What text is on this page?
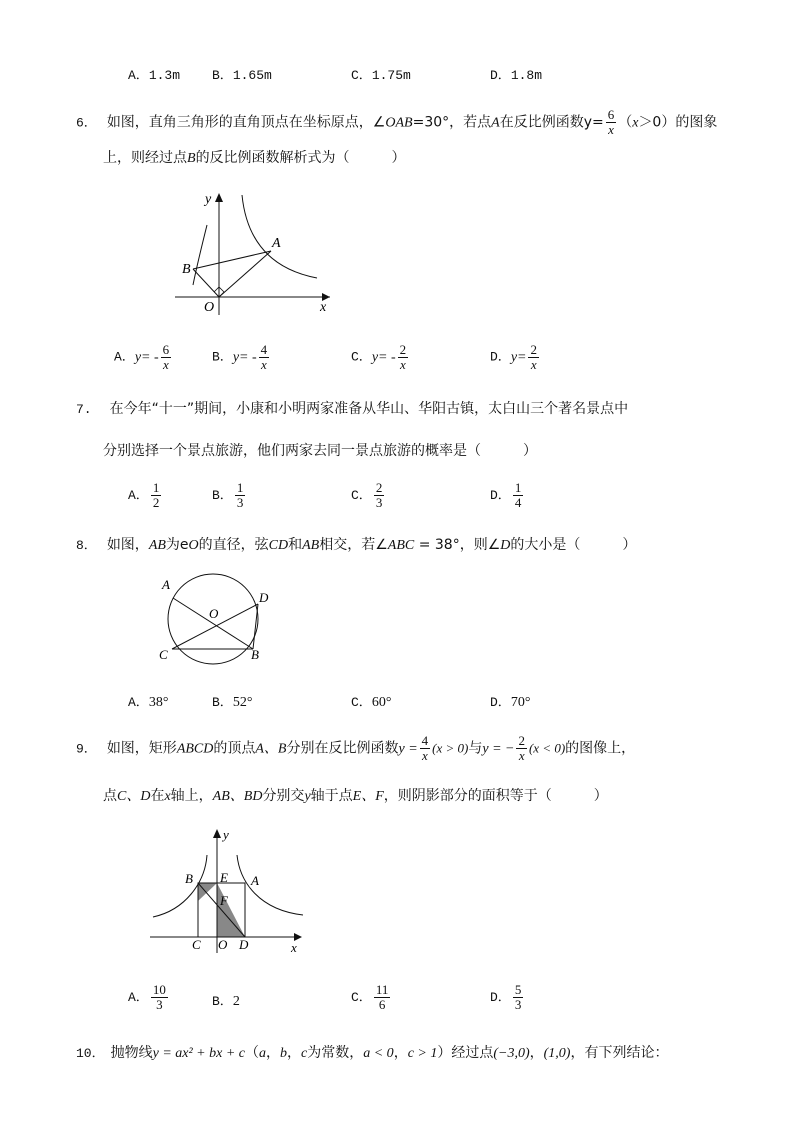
A．1.3m B．1.65m	C．1.75m	D．1.8m
6． 如图，直角三角形的直角顶点在坐标原点，∠OAB=30°，若点A在反比例函数$y= \frac{6}{x} (x>0)$的图象
上，则经过点B的反比例函数解析式为（　　　）
y
x
A
B
O
A．$y= - \frac{6}{x}$	B．$y= - \frac{4}{x}$	C．$y= - \frac{2}{x}$	D．$y= \frac{2}{x}$
7. 在今年“十一”期间，小康和小明两家准备从华山、华阳古镇，太白山三个著名景点中
分别选择一个景点旅游，他们两家去同一景点旅游的概率是（　　　）
A． $\frac{1}{2}$	B． $\frac{1}{3}$	C． $\frac{2}{3}$	D． $\frac{1}{4}$
8． 如图，AB为eO的直径，弦CD和AB相交，若∠ABC = 38°，则∠D的大小是（　　　）
A
D
O
C	B
A．38°	B．52°	C．60°	D．70°
9． 如图，矩形ABCD的顶点A、B分别在反比例函数$y = \frac{4}{x} (x > 0)$与y = − $\frac{2}{x} (x < 0)$的图像上，
点C、D在x轴上，AB、BD分别交y轴于点E、F，则阴影部分的面积等于（　　　）
y
x
B E A
F
C O D
A． $\frac{10}{3}$	B．2	C． $\frac{11}{6}$	D． $\frac{5}{3}$
10． 抛物线y = ax² + bx + c（a，b，c为常数，a < 0，c > 1）经过点(−3,0)，(1,0)，有下列结论：
